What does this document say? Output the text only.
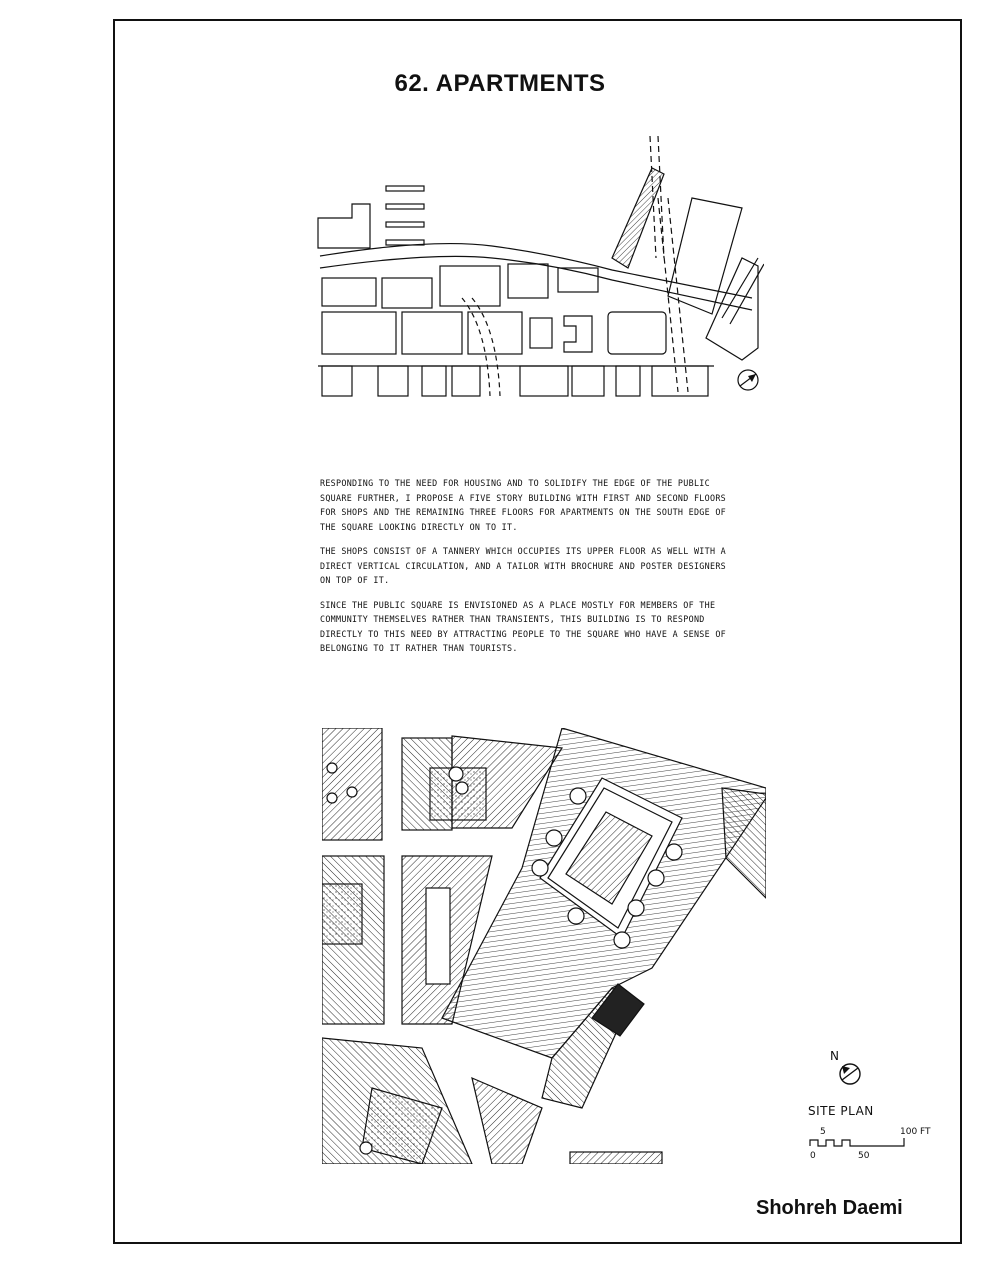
62. APARTMENTS

RESPONDING TO THE NEED FOR HOUSING AND TO SOLIDIFY THE EDGE OF THE PUBLIC SQUARE FURTHER, I PROPOSE A FIVE STORY BUILDING WITH FIRST AND SECOND FLOORS FOR SHOPS AND THE REMAINING THREE FLOORS FOR APARTMENTS ON THE SOUTH EDGE OF THE SQUARE LOOKING DIRECTLY ON TO IT.

THE SHOPS CONSIST OF A TANNERY WHICH OCCUPIES ITS UPPER FLOOR AS WELL WITH A DIRECT VERTICAL CIRCULATION, AND A TAILOR WITH BROCHURE AND POSTER DESIGNERS ON TOP OF IT.

SINCE THE PUBLIC SQUARE IS ENVISIONED AS A PLACE MOSTLY FOR MEMBERS OF THE COMMUNITY THEMSELVES RATHER THAN TRANSIENTS, THIS BUILDING IS TO RESPOND DIRECTLY TO THIS NEED BY ATTRACTING PEOPLE TO THE SQUARE WHO HAVE A SENSE OF BELONGING TO IT RATHER THAN TOURISTS.

N
SITE PLAN
5	100 FT
0	50
Shohreh Daemi
